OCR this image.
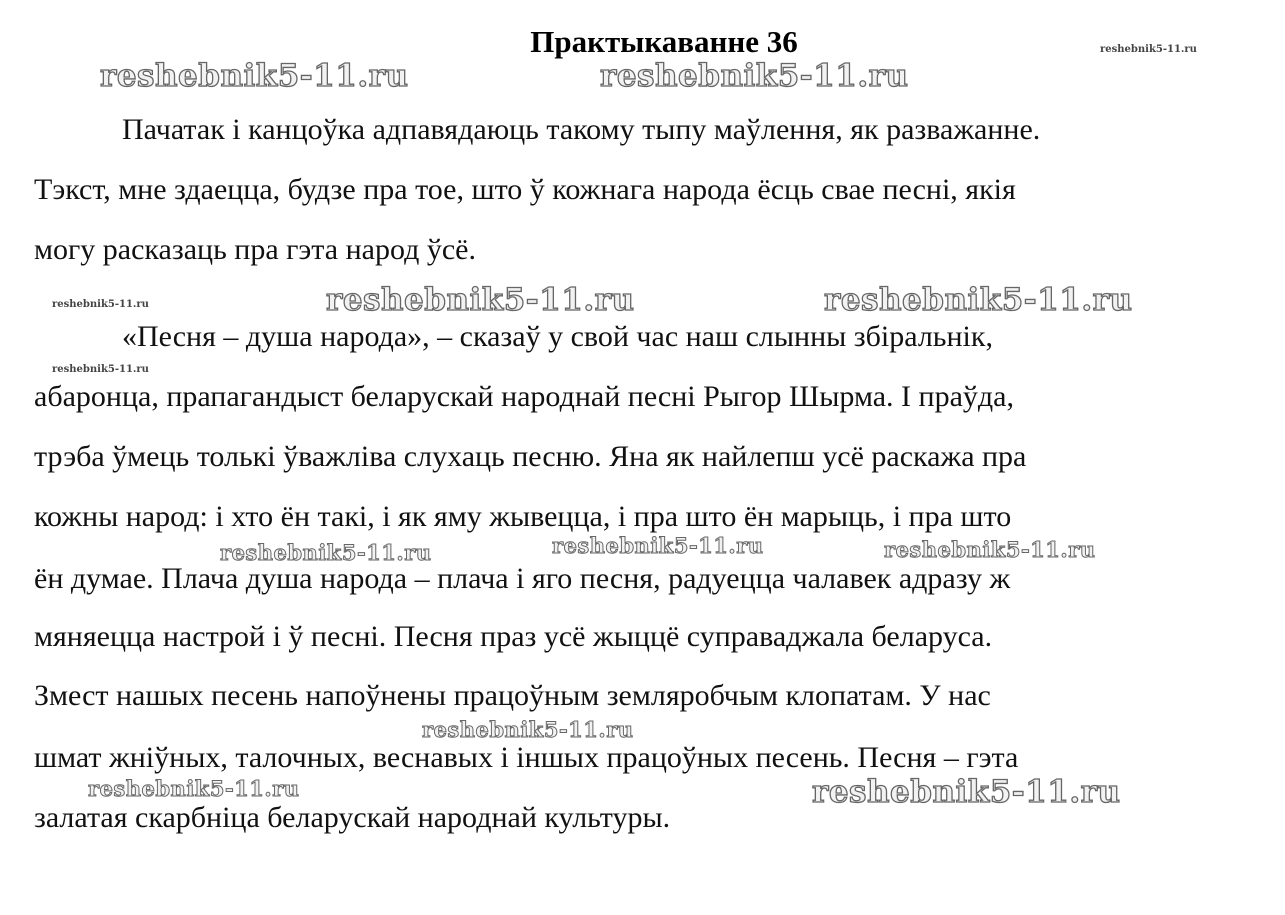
Практыкаванне 36
Пачатак і канцоўка адпавядаюць такому тыпу маўлення, як разважанне.
Тэкст, мне здаецца, будзе пра тое, што ў кожнага народа ёсць свае песні, якія
могу расказаць пра гэта народ ўсё.
«Песня – душа народа», – сказаў у свой час наш слынны збіральнік,
абаронца, прапагандыст беларускай народнай песні Рыгор Шырма. І праўда,
трэба ўмець толькі ўважліва слухаць песню. Яна як найлепш усё раскажа пра
кожны народ: і хто ён такі, і як яму жывецца, і пра што ён марыць, і пра што
ён думае. Плача душа народа – плача і яго песня, радуецца чалавек адразу ж
мяняецца настрой і ў песні. Песня праз усё жыццё суправаджала беларуса.
Змест нашых песень напоўнены працоўным земляробчым клопатам. У нас
шмат жніўных, талочных, веснавых і іншых працоўных песень. Песня – гэта
залатая скарбніца беларускай народнай культуры.
reshebnik5-11.ru
reshebnik5-11.ru	reshebnik5-11.ru
reshebnik5-11.ru	reshebnik5-11.ru
reshebnik5-11.ru
reshebnik5-11.ru
reshebnik5-11.ru	reshebnik5-11.ru	reshebnik5-11.ru
reshebnik5-11.ru
reshebnik5-11.ru	reshebnik5-11.ru
